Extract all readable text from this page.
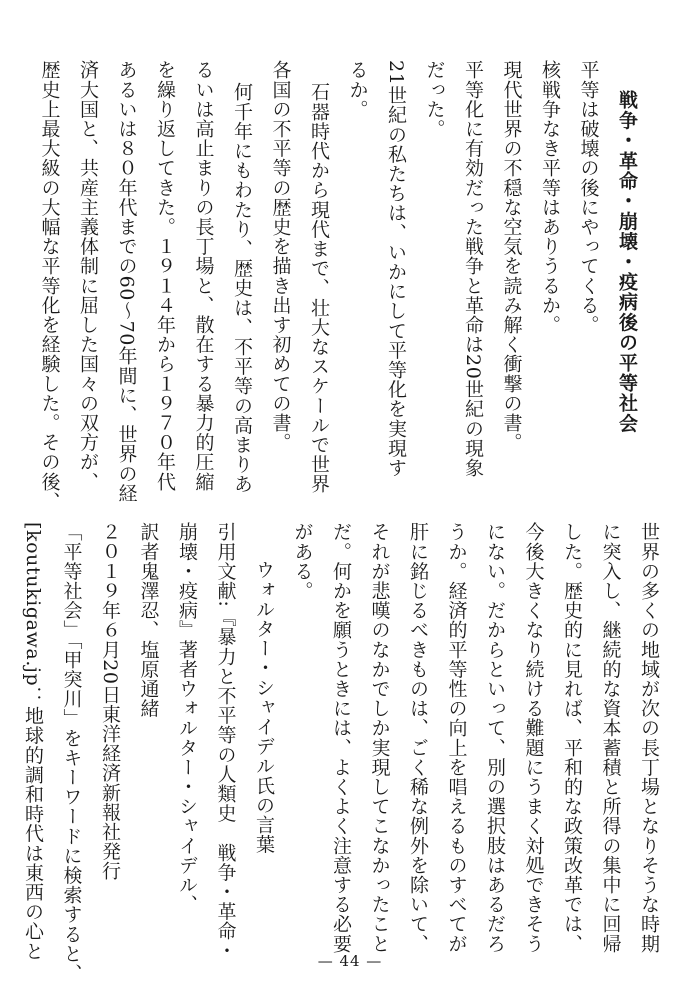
戦争・革命・崩壊・疫病後の平等社会
平等は破壊の後にやってくる。
核戦争なき平等はありうるか。
現代世界の不穏な空気を読み解く衝撃の書。
平等化に有効だった戦争と革命は20世紀の現象
だった。
21世紀の私たちは、いかにして平等化を実現す
るか。
石器時代から現代まで、壮大なスケールで世界
各国の不平等の歴史を描き出す初めての書。
何千年にもわたり、歴史は、不平等の高まりあ
るいは高止まりの長丁場と、散在する暴力的圧縮
を繰り返してきた。１９１４年から１９７０年代
あるいは８０年代までの60～70年間に、世界の経
済大国と、共産主義体制に屈した国々の双方が、
歴史上最大級の大幅な平等化を経験した。その後、
世界の多くの地域が次の長丁場となりそうな時期
に突入し、継続的な資本蓄積と所得の集中に回帰
した。歴史的に見れば、平和的な政策改革では、
今後大きくなり続ける難題にうまく対処できそう
にない。だからといって、別の選択肢はあるだろ
うか。経済的平等性の向上を唱えるものすべてが
肝に銘じるべきものは、ごく稀な例外を除いて、
それが悲嘆のなかでしか実現してこなかったこと
だ。何かを願うときには、よくよく注意する必要
がある。
ウォルター・シャイデル氏の言葉
引用文献:『暴力と不平等の人類史　戦争・革命・
崩壊・疫病』著者ウォルター・シャイデル、
訳者鬼澤忍、塩原通緒
２０１９年６月20日東洋経済新報社発行
「平等社会」「甲突川」をキーワードに検索すると、
[koutukigawa.jp：地球的調和時代は東西の心と
— 44 —
